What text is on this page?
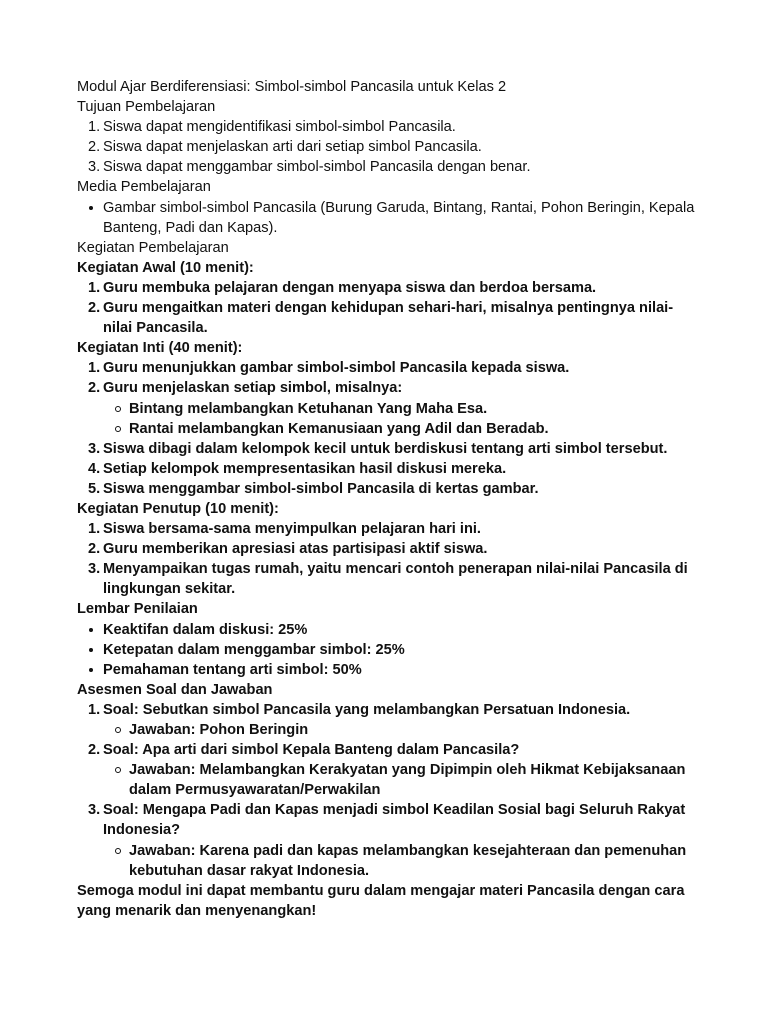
Modul Ajar Berdiferensiasi: Simbol-simbol Pancasila untuk Kelas 2

Tujuan Pembelajaran

1. Siswa dapat mengidentifikasi simbol-simbol Pancasila.
2. Siswa dapat menjelaskan arti dari setiap simbol Pancasila.
3. Siswa dapat menggambar simbol-simbol Pancasila dengan benar.

Media Pembelajaran

Gambar simbol-simbol Pancasila (Burung Garuda, Bintang, Rantai, Pohon Beringin, Kepala Banteng, Padi dan Kapas).

Kegiatan Pembelajaran

Kegiatan Awal (10 menit):

1. Guru membuka pelajaran dengan menyapa siswa dan berdoa bersama.
2. Guru mengaitkan materi dengan kehidupan sehari-hari, misalnya pentingnya nilai-nilai Pancasila.

Kegiatan Inti (40 menit):

1. Guru menunjukkan gambar simbol-simbol Pancasila kepada siswa.
2. Guru menjelaskan setiap simbol, misalnya:
Bintang melambangkan Ketuhanan Yang Maha Esa.
Rantai melambangkan Kemanusiaan yang Adil dan Beradab.
3. Siswa dibagi dalam kelompok kecil untuk berdiskusi tentang arti simbol tersebut.
4. Setiap kelompok mempresentasikan hasil diskusi mereka.
5. Siswa menggambar simbol-simbol Pancasila di kertas gambar.

Kegiatan Penutup (10 menit):

1. Siswa bersama-sama menyimpulkan pelajaran hari ini.
2. Guru memberikan apresiasi atas partisipasi aktif siswa.
3. Menyampaikan tugas rumah, yaitu mencari contoh penerapan nilai-nilai Pancasila di lingkungan sekitar.

Lembar Penilaian

Keaktifan dalam diskusi: 25%
Ketepatan dalam menggambar simbol: 25%
Pemahaman tentang arti simbol: 50%

Asesmen Soal dan Jawaban

1. Soal: Sebutkan simbol Pancasila yang melambangkan Persatuan Indonesia.
Jawaban: Pohon Beringin
2. Soal: Apa arti dari simbol Kepala Banteng dalam Pancasila?
Jawaban: Melambangkan Kerakyatan yang Dipimpin oleh Hikmat Kebijaksanaan dalam Permusyawaratan/Perwakilan
3. Soal: Mengapa Padi dan Kapas menjadi simbol Keadilan Sosial bagi Seluruh Rakyat Indonesia?
Jawaban: Karena padi dan kapas melambangkan kesejahteraan dan pemenuhan kebutuhan dasar rakyat Indonesia.

Semoga modul ini dapat membantu guru dalam mengajar materi Pancasila dengan cara yang menarik dan menyenangkan!
